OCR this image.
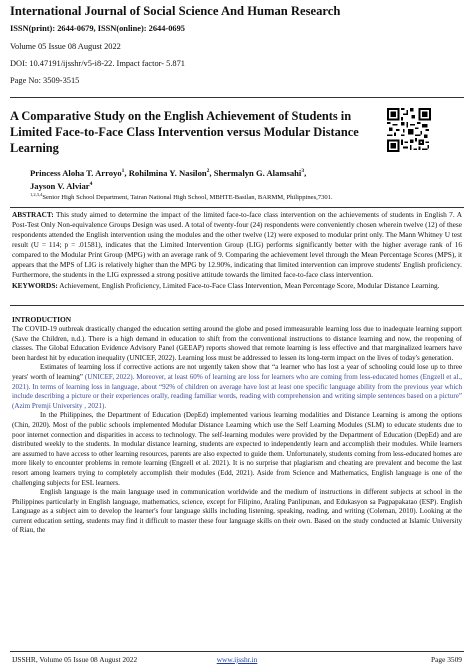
International Journal of Social Science And Human Research
ISSN(print): 2644-0679, ISSN(online): 2644-0695
Volume 05 Issue 08 August 2022
DOI: 10.47191/ijsshr/v5-i8-22. Impact factor- 5.871
Page No: 3509-3515
A Comparative Study on the English Achievement of Students in Limited Face-to-Face Class Intervention versus Modular Distance Learning
Princess Aloha T. Arroyo$^1$, Rohilmina Y. Nasilon$^2$, Shermalyn G. Alamsahi$^3$,
Jayson V. Alviar$^4$
$^{1,2,3,4}$Senior High School Department, Tairan National High School, MBHTE-Basilan, BARMM, Philippines,7301.
ABSTRACT: This study aimed to determine the impact of the limited face-to-face class intervention on the achievements of students in English 7. A Post-Test Only Non-equivalence Groups Design was used. A total of twenty-four (24) respondents were conveniently chosen wherein twelve (12) of these respondents attended the English intervention using the modules and the other twelve (12) were exposed to modular print only. The Mann Whitney U test result (U = 114; p = .01581), indicates that the Limited Intervention Group (LIG) performs significantly better with the higher average rank of 16 compared to the Modular Print Group (MPG) with an average rank of 9. Comparing the achievement level through the Mean Percentage Scores (MPS), it appears that the MPS of LIG is relatively higher than the MPG by 12.90%, indicating that limited intervention can improve students' English proficiency. Furthermore, the students in the LIG expressed a strong positive attitude towards the limited face-to-face class intervention.
KEYWORDS: Achievement, English Proficiency, Limited Face-to-Face Class Intervention, Mean Percentage Score, Modular Distance Learning.
INTRODUCTION

The COVID-19 outbreak drastically changed the education setting around the globe and posed immeasurable learning loss due to inadequate learning support (Save the Children, n.d.). There is a high demand in education to shift from the conventional instructions to distance learning and now, the reopening of classes. The Global Education Evidence Advisory Panel (GEEAP) reports showed that remote learning is less effective and that marginalized learners have been hardest hit by education inequality (UNICEF, 2022). Learning loss must be addressed to lessen its long-term impact on the lives of today's generation.

Estimates of learning loss if corrective actions are not urgently taken show that “a learner who has lost a year of schooling could lose up to three years' worth of learning” (UNICEF, 2022). Moreover, at least 60% of learning are loss for learners who are coming from less-educated homes (Engzell et al., 2021). In terms of learning loss in language, about “92% of children on average have lost at least one specific language ability from the previous year which include describing a picture or their experiences orally, reading familiar words, reading with comprehension and writing simple sentences based on a picture” (Azim Premji University , 2021).

In the Philippines, the Department of Education (DepEd) implemented various learning modalities and Distance Learning is among the options (Chin, 2020). Most of the public schools implemented Modular Distance Learning which use the Self Learning Modules (SLM) to educate students due to poor internet connection and disparities in access to technology. The self-learning modules were provided by the Department of Education (DepEd) and are distributed weekly to the students. In modular distance learning, students are expected to independently learn and accomplish their modules. While learners are assumed to have access to other learning resources, parents are also expected to guide them. Unfortunately, students coming from less-educated homes are more likely to encounter problems in remote learning (Engzell et al. 2021). It is no surprise that plagiarism and cheating are prevalent and become the last resort among learners trying to completely accomplish their modules (Edd, 2021). Aside from Science and Mathematics, English language is one of the challenging subjects for ESL learners.

English language is the main language used in communication worldwide and the medium of instructions in different subjects at school in the Philippines particularly in English language, mathematics, science, except for Filipino, Araling Panlipunan, and Edukasyon sa Pagpapakatao (ESP). English Language as a subject aim to develop the learner's four language skills including listening, speaking, reading, and writing (Coleman, 2010). Looking at the current education setting, students may find it difficult to master these four language skills on their own. Based on the study conducted at Islamic University of Riau, the

IJSSHR, Volume 05 Issue 08 August 2022	www.ijsshr.in	Page 3509
